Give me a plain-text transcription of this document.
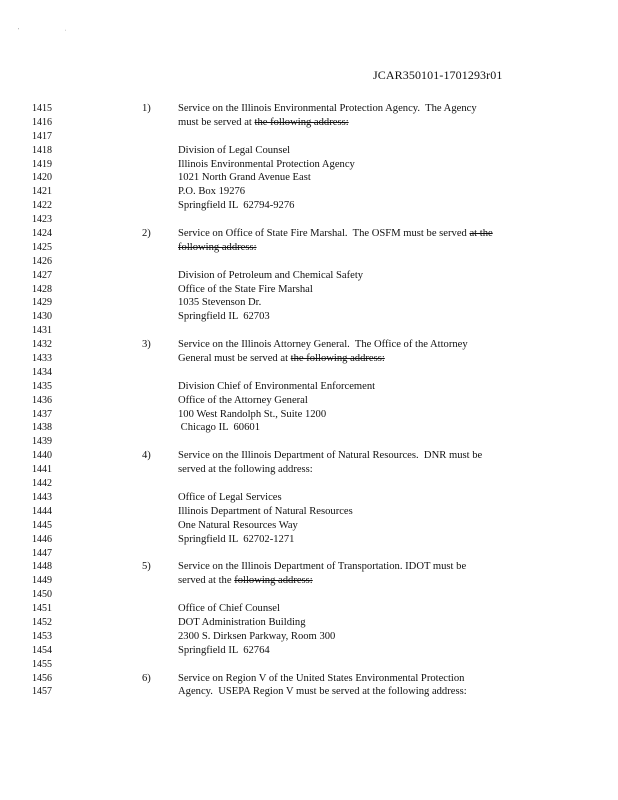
' ·
JCAR350101-1701293r01
1415	1)	Service on the Illinois Environmental Protection Agency.  The Agency
1416	must be served at the following address:
1417
1418	Division of Legal Counsel
1419	Illinois Environmental Protection Agency
1420	1021 North Grand Avenue East
1421	P.O. Box 19276
1422	Springfield IL  62794-9276
1423
1424	2)	Service on Office of State Fire Marshal.  The OSFM must be served at the
1425	following address:
1426
1427	Division of Petroleum and Chemical Safety
1428	Office of the State Fire Marshal
1429	1035 Stevenson Dr.
1430	Springfield IL  62703
1431
1432	3)	Service on the Illinois Attorney General.  The Office of the Attorney
1433	General must be served at the following address:
1434
1435	Division Chief of Environmental Enforcement
1436	Office of the Attorney General
1437	100 West Randolph St., Suite 1200
1438	Chicago IL  60601
1439
1440	4)	Service on the Illinois Department of Natural Resources.  DNR must be
1441	served at the following address:
1442
1443	Office of Legal Services
1444	Illinois Department of Natural Resources
1445	One Natural Resources Way
1446	Springfield IL  62702-1271
1447
1448	5)	Service on the Illinois Department of Transportation. IDOT must be
1449	served at the following address:
1450
1451	Office of Chief Counsel
1452	DOT Administration Building
1453	2300 S. Dirksen Parkway, Room 300
1454	Springfield IL  62764
1455
1456	6)	Service on Region V of the United States Environmental Protection
1457	Agency.  USEPA Region V must be served at the following address:
